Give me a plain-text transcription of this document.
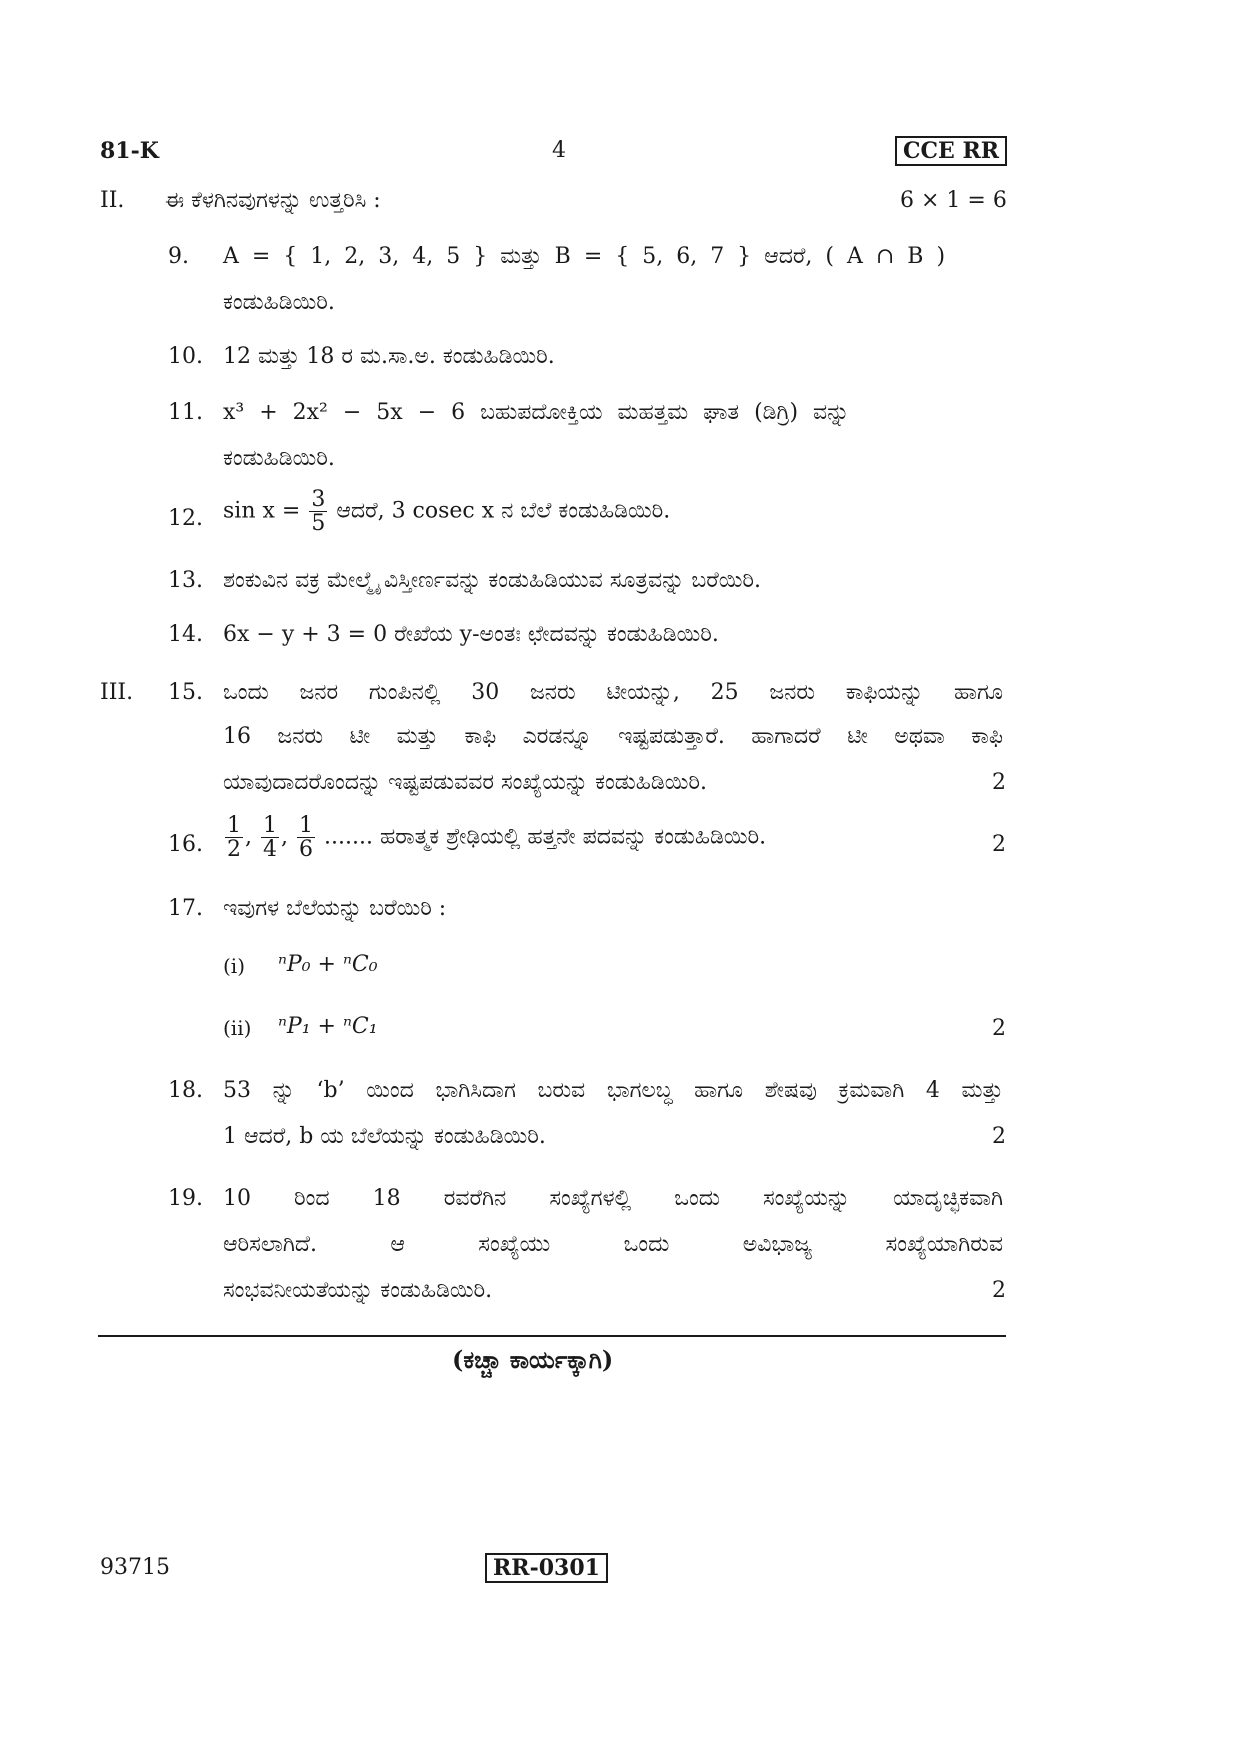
81-K	4	CCE RR
II. ಈ ಕೆಳಗಿನವುಗಳನ್ನು ಉತ್ತರಿಸಿ :	6 × 1 = 6
9. A = { 1, 2, 3, 4, 5 } ಮತ್ತು B = { 5, 6, 7 } ಆದರೆ, ( A ∩ B )
ಕಂಡುಹಿಡಿಯಿರಿ.
10. 12 ಮತ್ತು 18 ರ ಮ.ಸಾ.ಅ. ಕಂಡುಹಿಡಿಯಿರಿ.
11. x³ + 2x² − 5x − 6 ಬಹುಪದೋಕ್ತಿಯ ಮಹತ್ತಮ ಘಾತ (ಡಿಗ್ರಿ) ವನ್ನು
ಕಂಡುಹಿಡಿಯಿರಿ.
12. $\sin x = \frac{3}{5}$ ಆದರೆ, 3 cosec x ನ ಬೆಲೆ ಕಂಡುಹಿಡಿಯಿರಿ.
13. ಶಂಕುವಿನ ವಕ್ರ ಮೇಲ್ಮೈ ವಿಸ್ತೀರ್ಣವನ್ನು ಕಂಡುಹಿಡಿಯುವ ಸೂತ್ರವನ್ನು ಬರೆಯಿರಿ.
14. 6x − y + 3 = 0 ರೇಖೆಯ y-ಅಂತಃ ಛೇದವನ್ನು ಕಂಡುಹಿಡಿಯಿರಿ.
III. 15. ಒಂದು ಜನರ ಗುಂಪಿನಲ್ಲಿ 30 ಜನರು ಟೀಯನ್ನು, 25 ಜನರು ಕಾಫಿಯನ್ನು ಹಾಗೂ
16 ಜನರು ಟೀ ಮತ್ತು ಕಾಫಿ ಎರಡನ್ನೂ ಇಷ್ಟಪಡುತ್ತಾರೆ. ಹಾಗಾದರೆ ಟೀ ಅಥವಾ ಕಾಫಿ
ಯಾವುದಾದರೊಂದನ್ನು ಇಷ್ಟಪಡುವವರ ಸಂಖ್ಯೆಯನ್ನು ಕಂಡುಹಿಡಿಯಿರಿ.	2
16. $\frac{1}{2}$ , $\frac{1}{4}$ , $\frac{1}{6}$ ....... ಹರಾತ್ಮಕ ಶ್ರೇಢಿಯಲ್ಲಿ ಹತ್ತನೇ ಪದವನ್ನು ಕಂಡುಹಿಡಿಯಿರಿ.	2
17. ಇವುಗಳ ಬೆಲೆಯನ್ನು ಬರೆಯಿರಿ :
(i) ⁿP₀ + ⁿC₀
(ii) ⁿP₁ + ⁿC₁	2
18. 53 ನ್ನು ‘b’ ಯಿಂದ ಭಾಗಿಸಿದಾಗ ಬರುವ ಭಾಗಲಬ್ಧ ಹಾಗೂ ಶೇಷವು ಕ್ರಮವಾಗಿ 4 ಮತ್ತು
1 ಆದರೆ, b ಯ ಬೆಲೆಯನ್ನು ಕಂಡುಹಿಡಿಯಿರಿ.	2
19. 10 ರಿಂದ 18 ರವರೆಗಿನ ಸಂಖ್ಯೆಗಳಲ್ಲಿ ಒಂದು ಸಂಖ್ಯೆಯನ್ನು ಯಾದೃಚ್ಛಿಕವಾಗಿ
ಆರಿಸಲಾಗಿದೆ. ಆ ಸಂಖ್ಯೆಯು ಒಂದು ಅವಿಭಾಜ್ಯ ಸಂಖ್ಯೆಯಾಗಿರುವ
ಸಂಭವನೀಯತೆಯನ್ನು ಕಂಡುಹಿಡಿಯಿರಿ.	2
(ಕಚ್ಚಾ ಕಾರ್ಯಕ್ಕಾಗಿ)
93715	RR-0301
